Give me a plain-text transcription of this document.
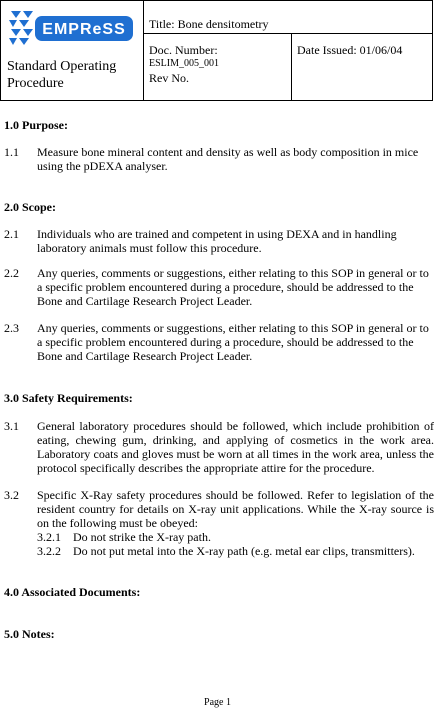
EMPReSS
Standard Operating
Procedure
Title: Bone densitometry
Doc. Number:
ESLIM_005_001
Rev No.
Date Issued: 01/06/04
1.0 Purpose:
1.1 Measure bone mineral content and density as well as body composition in mice
using the pDEXA analyser.
2.0 Scope:
2.1 Individuals who are trained and competent in using DEXA and in handling
laboratory animals must follow this procedure.
2.2 Any queries, comments or suggestions, either relating to this SOP in general or to
a specific problem encountered during a procedure, should be addressed to the
Bone and Cartilage Research Project Leader.
2.3 Any queries, comments or suggestions, either relating to this SOP in general or to
a specific problem encountered during a procedure, should be addressed to the
Bone and Cartilage Research Project Leader.
3.0 Safety Requirements:
3.1 General laboratory procedures should be followed, which include prohibition of eating, chewing gum, drinking, and applying of cosmetics in the work area. Laboratory coats and gloves must be worn at all times in the work area, unless the protocol specifically describes the appropriate attire for the procedure.
3.2 Specific X-Ray safety procedures should be followed. Refer to legislation of the resident country for details on X-ray unit applications. While the X-ray source is on the following must be obeyed:
3.2.1 Do not strike the X-ray path.
3.2.2 Do not put metal into the X-ray path (e.g. metal ear clips, transmitters).
4.0 Associated Documents:
5.0 Notes:
Page 1
